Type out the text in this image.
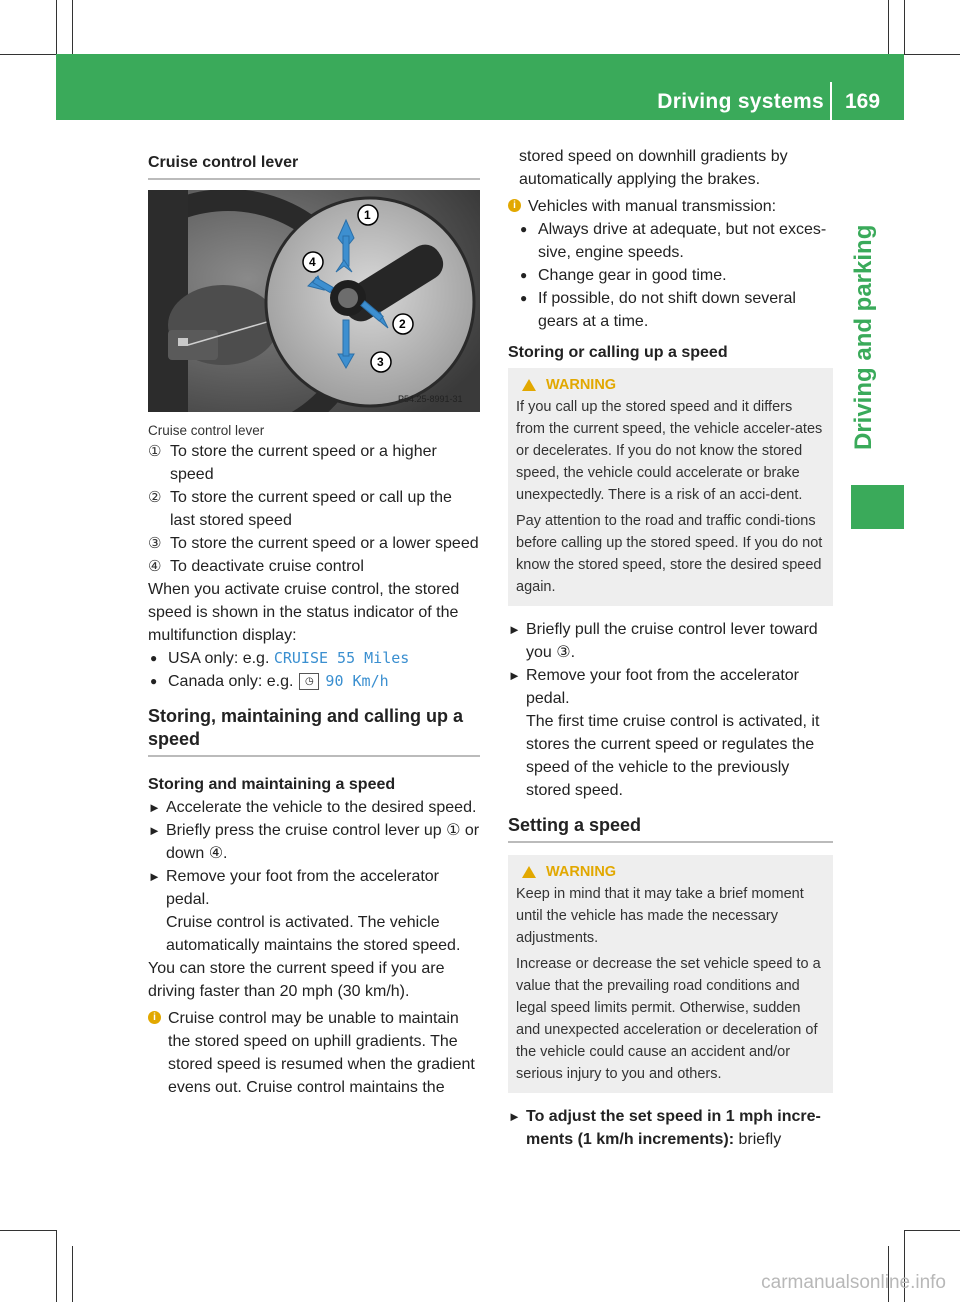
Driving systems 169
Driving and parking
Cruise control lever
1
2
3
4
P54.25-8991-31
Cruise control lever
① To store the current speed or a higher speed
② To store the current speed or call up the last stored speed
③ To store the current speed or a lower speed
④ To deactivate cruise control

When you activate cruise control, the stored speed is shown in the status indicator of the multifunction display:

● USA only: e.g. CRUISE 55 Miles
● Canada only: e.g. ◷ 90 Km/h
Storing, maintaining and calling up a speed
Storing and maintaining a speed
► Accelerate the vehicle to the desired speed.
► Briefly press the cruise control lever up ① or down ④.
► Remove your foot from the accelerator pedal.
Cruise control is activated. The vehicle automatically maintains the stored speed.

You can store the current speed if you are driving faster than 20 mph (30 km/h).

i Cruise control may be unable to maintain the stored speed on uphill gradients. The stored speed is resumed when the gradient evens out. Cruise control maintains the
stored speed on downhill gradients by automatically applying the brakes.
i Vehicles with manual transmission:
● Always drive at adequate, but not exces-sive, engine speeds.
● Change gear in good time.
● If possible, do not shift down several gears at a time.
Storing or calling up a speed
WARNING
If you call up the stored speed and it differs from the current speed, the vehicle acceler-ates or decelerates. If you do not know the stored speed, the vehicle could accelerate or brake unexpectedly. There is a risk of an acci-dent.
Pay attention to the road and traffic condi-tions before calling up the stored speed. If you do not know the stored speed, store the desired speed again.
► Briefly pull the cruise control lever toward you ③.
► Remove your foot from the accelerator pedal.
The first time cruise control is activated, it stores the current speed or regulates the speed of the vehicle to the previously stored speed.
Setting a speed
WARNING
Keep in mind that it may take a brief moment until the vehicle has made the necessary adjustments.
Increase or decrease the set vehicle speed to a value that the prevailing road conditions and legal speed limits permit. Otherwise, sudden and unexpected acceleration or deceleration of the vehicle could cause an accident and/or serious injury to you and others.
► To adjust the set speed in 1 mph incre-ments (1 km/h increments): briefly
carmanualsonline.info
